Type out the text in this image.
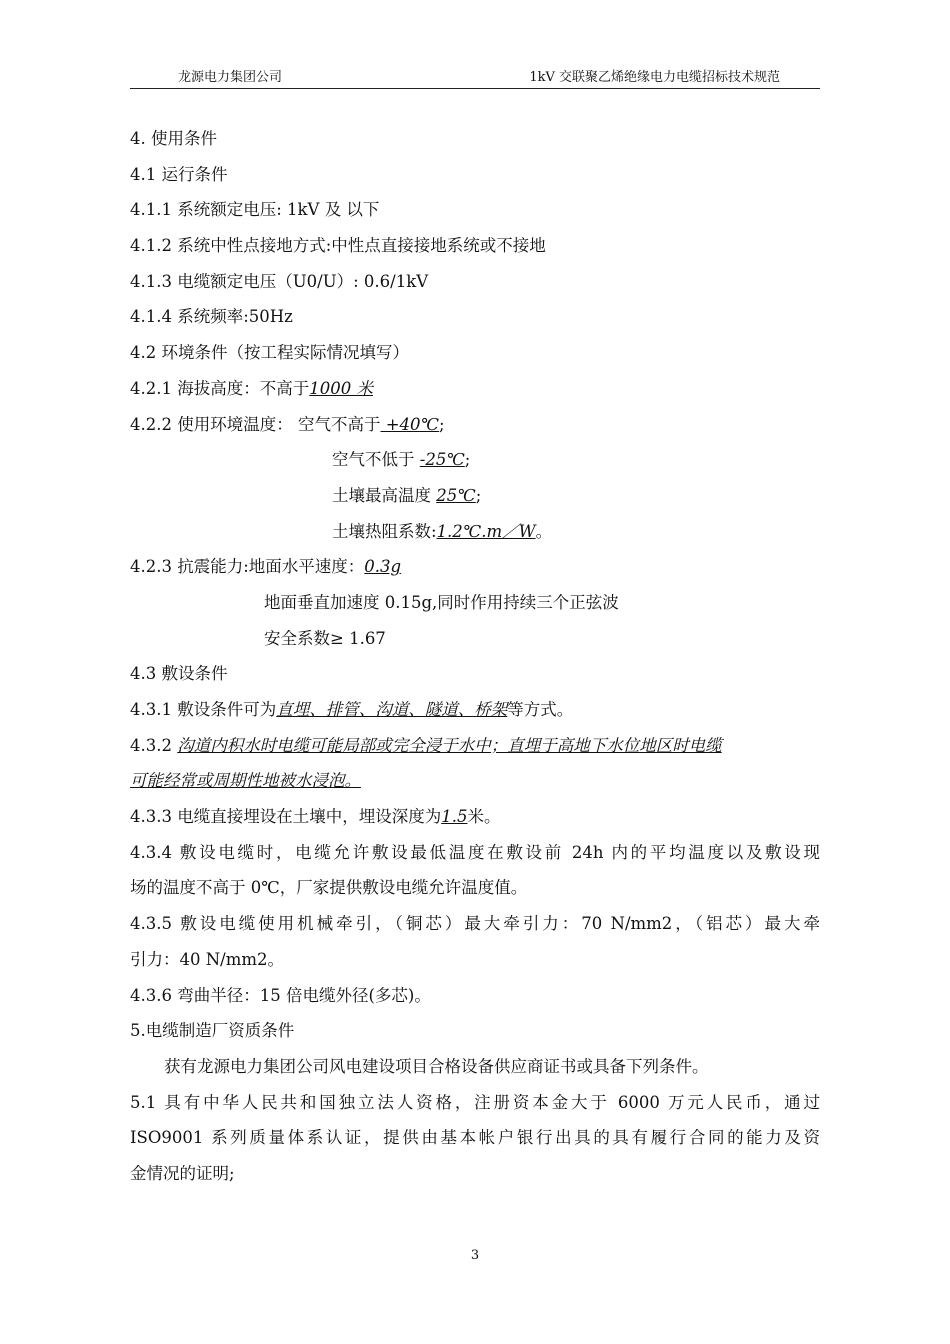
龙源电力集团公司	1kV 交联聚乙烯绝缘电力电缆招标技术规范
4. 使用条件
4.1 运行条件
4.1.1 系统额定电压: 1kV 及 以下
4.1.2 系统中性点接地方式:中性点直接接地系统或不接地
4.1.3 电缆额定电压（U0/U）: 0.6/1kV
4.1.4 系统频率:50Hz
4.2 环境条件（按工程实际情况填写）
4.2.1 海拔高度：不高于1000 米
4.2.2 使用环境温度： 空气不高于 +40℃;
空气不低于 -25℃;
土壤最高温度 25℃;
土壤热阻系数:1.2℃.m／W。
4.2.3 抗震能力:地面水平速度：0.3g
地面垂直加速度 0.15g,同时作用持续三个正弦波
安全系数≥ 1.67
4.3 敷设条件
4.3.1 敷设条件可为直埋、排管、沟道、隧道、桥架等方式。
4.3.2 沟道内积水时电缆可能局部或完全浸于水中；直埋于高地下水位地区时电缆
可能经常或周期性地被水浸泡。
4.3.3 电缆直接埋设在土壤中，埋设深度为1.5米。
4.3.4 敷设电缆时，电缆允许敷设最低温度在敷设前 24h 内的平均温度以及敷设现
场的温度不高于 0℃，厂家提供敷设电缆允许温度值。
4.3.5 敷设电缆使用机械牵引，（铜芯）最大牵引力：70 N/mm2，（铝芯）最大牵
引力：40 N/mm2。
4.3.6 弯曲半径：15 倍电缆外径(多芯)。
5.电缆制造厂资质条件
获有龙源电力集团公司风电建设项目合格设备供应商证书或具备下列条件。
5.1 具有中华人民共和国独立法人资格，注册资本金大于 6000 万元人民币，通过
ISO9001 系列质量体系认证，提供由基本帐户银行出具的具有履行合同的能力及资
金情况的证明;
3
